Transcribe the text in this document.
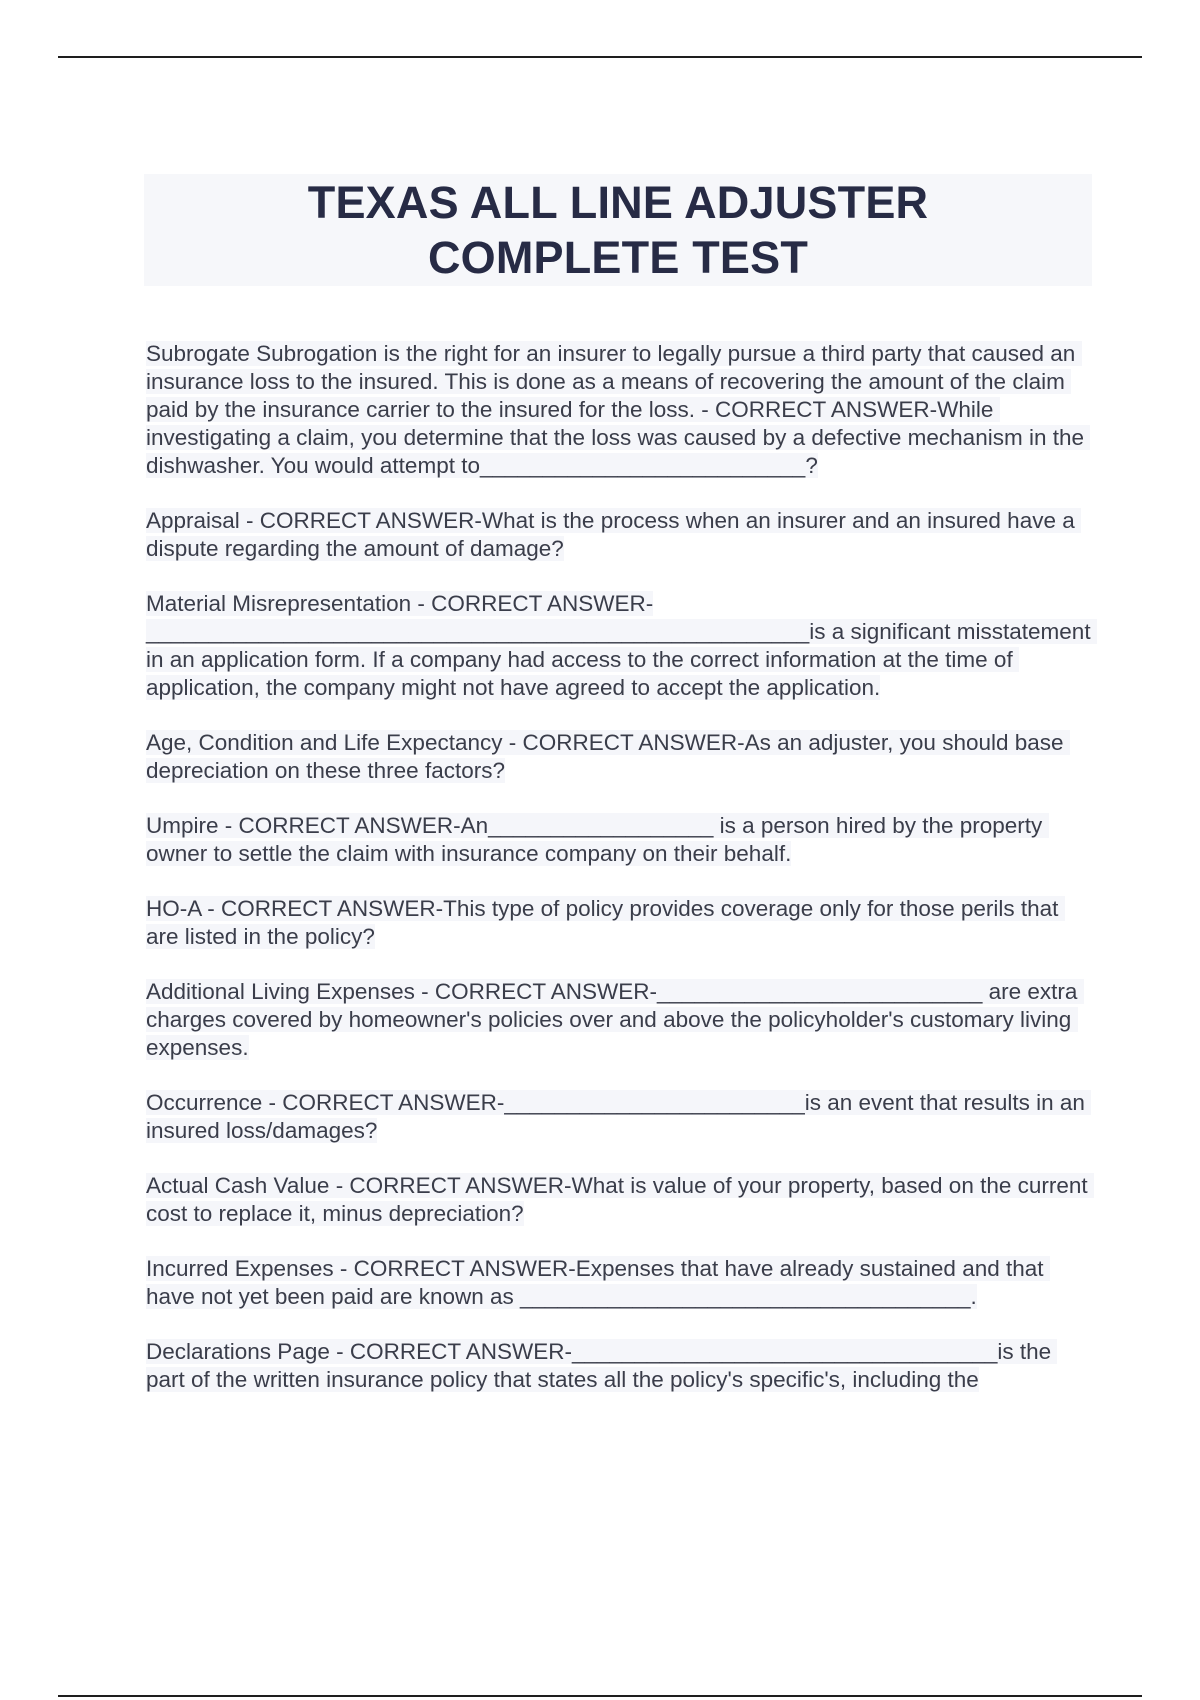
TEXAS ALL LINE ADJUSTER
COMPLETE TEST

Subrogate Subrogation is the right for an insurer to legally pursue a third party that caused an insurance loss to the insured. This is done as a means of recovering the amount of the claim paid by the insurance carrier to the insured for the loss. - CORRECT ANSWER-While investigating a claim, you determine that the loss was caused by a defective mechanism in the dishwasher. You would attempt to__________________________?

Appraisal - CORRECT ANSWER-What is the process when an insurer and an insured have a dispute regarding the amount of damage?

Material Misrepresentation - CORRECT ANSWER-_____________________________________________________is a significant misstatement in an application form. If a company had access to the correct information at the time of application, the company might not have agreed to accept the application.

Age, Condition and Life Expectancy - CORRECT ANSWER-As an adjuster, you should base depreciation on these three factors?

Umpire - CORRECT ANSWER-An__________________ is a person hired by the property owner to settle the claim with insurance company on their behalf.

HO-A - CORRECT ANSWER-This type of policy provides coverage only for those perils that are listed in the policy?

Additional Living Expenses - CORRECT ANSWER-__________________________ are extra charges covered by homeowner's policies over and above the policyholder's customary living expenses.

Occurrence - CORRECT ANSWER-________________________is an event that results in an insured loss/damages?

Actual Cash Value - CORRECT ANSWER-What is value of your property, based on the current cost to replace it, minus depreciation?

Incurred Expenses - CORRECT ANSWER-Expenses that have already sustained and that have not yet been paid are known as ____________________________________.

Declarations Page - CORRECT ANSWER-__________________________________is the part of the written insurance policy that states all the policy's specific's, including the
